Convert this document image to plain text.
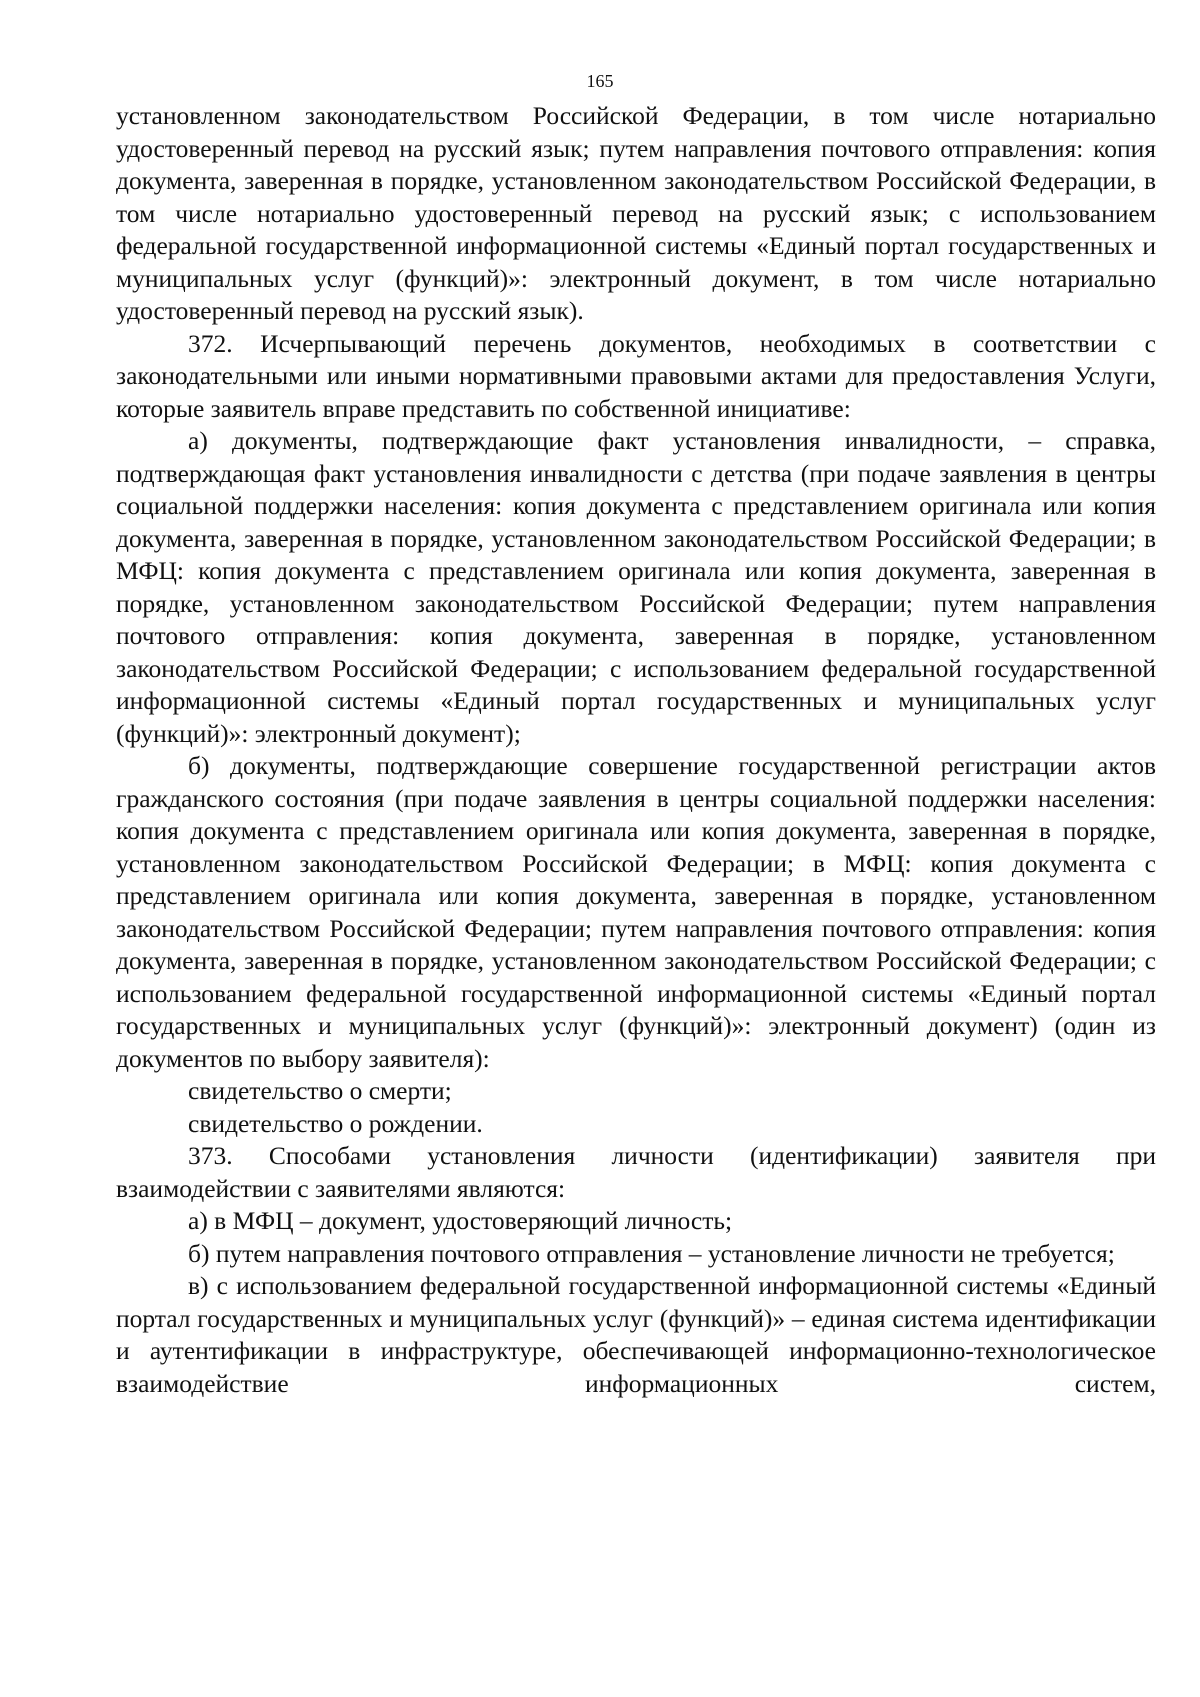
165

установленном законодательством Российской Федерации, в том числе нотариально удостоверенный перевод на русский язык; путем направления почтового отправления: копия документа, заверенная в порядке, установленном законодательством Российской Федерации, в том числе нотариально удостоверенный перевод на русский язык; с использованием федеральной государственной информационной системы «Единый портал государственных и муниципальных услуг (функций)»: электронный документ, в том числе нотариально удостоверенный перевод на русский язык).

372. Исчерпывающий перечень документов, необходимых в соответствии с законодательными или иными нормативными правовыми актами для предоставления Услуги, которые заявитель вправе представить по собственной инициативе:

а) документы, подтверждающие факт установления инвалидности, – справка, подтверждающая факт установления инвалидности с детства (при подаче заявления в центры социальной поддержки населения: копия документа с представлением оригинала или копия документа, заверенная в порядке, установленном законодательством Российской Федерации; в МФЦ: копия документа с представлением оригинала или копия документа, заверенная в порядке, установленном законодательством Российской Федерации; путем направления почтового отправления: копия документа, заверенная в порядке, установленном законодательством Российской Федерации; с использованием федеральной государственной информационной системы «Единый портал государственных и муниципальных услуг (функций)»: электронный документ);

б) документы, подтверждающие совершение государственной регистрации актов гражданского состояния (при подаче заявления в центры социальной поддержки населения: копия документа с представлением оригинала или копия документа, заверенная в порядке, установленном законодательством Российской Федерации; в МФЦ: копия документа с представлением оригинала или копия документа, заверенная в порядке, установленном законодательством Российской Федерации; путем направления почтового отправления: копия документа, заверенная в порядке, установленном законодательством Российской Федерации; с использованием федеральной государственной информационной системы «Единый портал государственных и муниципальных услуг (функций)»: электронный документ) (один из документов по выбору заявителя):

свидетельство о смерти;

свидетельство о рождении.

373. Способами установления личности (идентификации) заявителя при взаимодействии с заявителями являются:

а) в МФЦ – документ, удостоверяющий личность;

б) путем направления почтового отправления – установление личности не требуется;

в) с использованием федеральной государственной информационной системы «Единый портал государственных и муниципальных услуг (функций)» – единая система идентификации и аутентификации в инфраструктуре, обеспечивающей информационно-технологическое взаимодействие информационных систем,
